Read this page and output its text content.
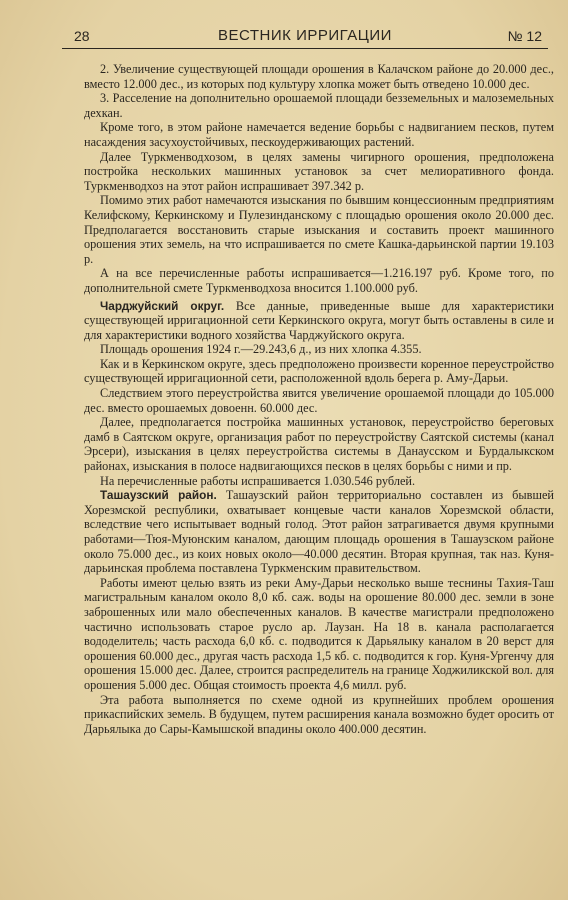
28	ВЕСТНИК ИРРИГАЦИИ	№ 12

2. Увеличение существующей площади орошения в Калачском районе до 20.000 дес., вместо 12.000 дес., из которых под культуру хлопка может быть отведено 10.000 дес.

3. Расселение на дополнительно орошаемой площади безземельных и малоземельных дехкан.

Кроме того, в этом районе намечается ведение борьбы с надвиганием песков, путем насаждения засухоустойчивых, пескоудерживающих растений.

Далее Туркменводхозом, в целях замены чигирного орошения, предположена постройка нескольких машинных установок за счет мелиоративного фонда. Туркменводхоз на этот район испрашивает 397.342 р.

Помимо этих работ намечаются изыскания по бывшим концессионным предприятиям Келифскому, Керкинскому и Пулезинданскому с площадью орошения около 20.000 дес. Предполагается восстановить старые изыскания и составить проект машинного орошения этих земель, на что испрашивается по смете Кашка-дарьинской партии 19.103 р.

А на все перечисленные работы испрашивается—1.216.197 руб. Кроме того, по дополнительной смете Туркменводхоза вносится 1.100.000 руб.

Чарджуйский округ. Все данные, приведенные выше для характеристики существующей ирригационной сети Керкинского округа, могут быть оставлены в силе и для характеристики водного хозяйства Чарджуйского округа.

Площадь орошения 1924 г.—29.243,6 д., из них хлопка 4.355.

Как и в Керкинском округе, здесь предположено произвести коренное переустройство существующей ирригационной сети, расположенной вдоль берега р. Аму-Дарьи.

Следствием этого переустройства явится увеличение орошаемой площади до 105.000 дес. вместо орошаемых довоенн. 60.000 дес.

Далее, предполагается постройка машинных установок, переустройство береговых дамб в Саятском округе, организация работ по переустройству Саятской системы (канал Эрсери), изыскания в целях переустройства системы в Данаусском и Бурдалыкском районах, изыскания в полосе надвигающихся песков в целях борьбы с ними и пр.

На перечисленные работы испрашивается 1.030.546 рублей.

Ташаузский район. Ташаузский район территориально составлен из бывшей Хорезмской республики, охватывает концевые части каналов Хорезмской области, вследствие чего испытывает водный голод. Этот район затрагивается двумя крупными работами—Тюя-Муюнским каналом, дающим площадь орошения в Ташаузском районе около 75.000 дес., из коих новых около—40.000 десятин. Вторая крупная, так наз. Куня-дарьинская проблема поставлена Туркменским правительством.

Работы имеют целью взять из реки Аму-Дарьи несколько выше теснины Тахия-Таш магистральным каналом около 8,0 кб. саж. воды на орошение 80.000 дес. земли в зоне заброшенных или мало обеспеченных каналов. В качестве магистрали предположено частично использовать старое русло ар. Лаузан. На 18 в. канала располагается вододелитель; часть расхода 6,0 кб. с. подводится к Дарьялыку каналом в 20 верст для орошения 60.000 дес., другая часть расхода 1,5 кб. с. подводится к гор. Куня-Ургенчу для орошения 15.000 дес. Далее, строится распределитель на границе Ходжиликской вол. для орошения 5.000 дес. Общая стоимость проекта 4,6 милл. руб.

Эта работа выполняется по схеме одной из крупнейших проблем орошения прикаспийских земель. В будущем, путем расширения канала возможно будет оросить от Дарьялыка до Сары-Камышской впадины около 400.000 десятин.
